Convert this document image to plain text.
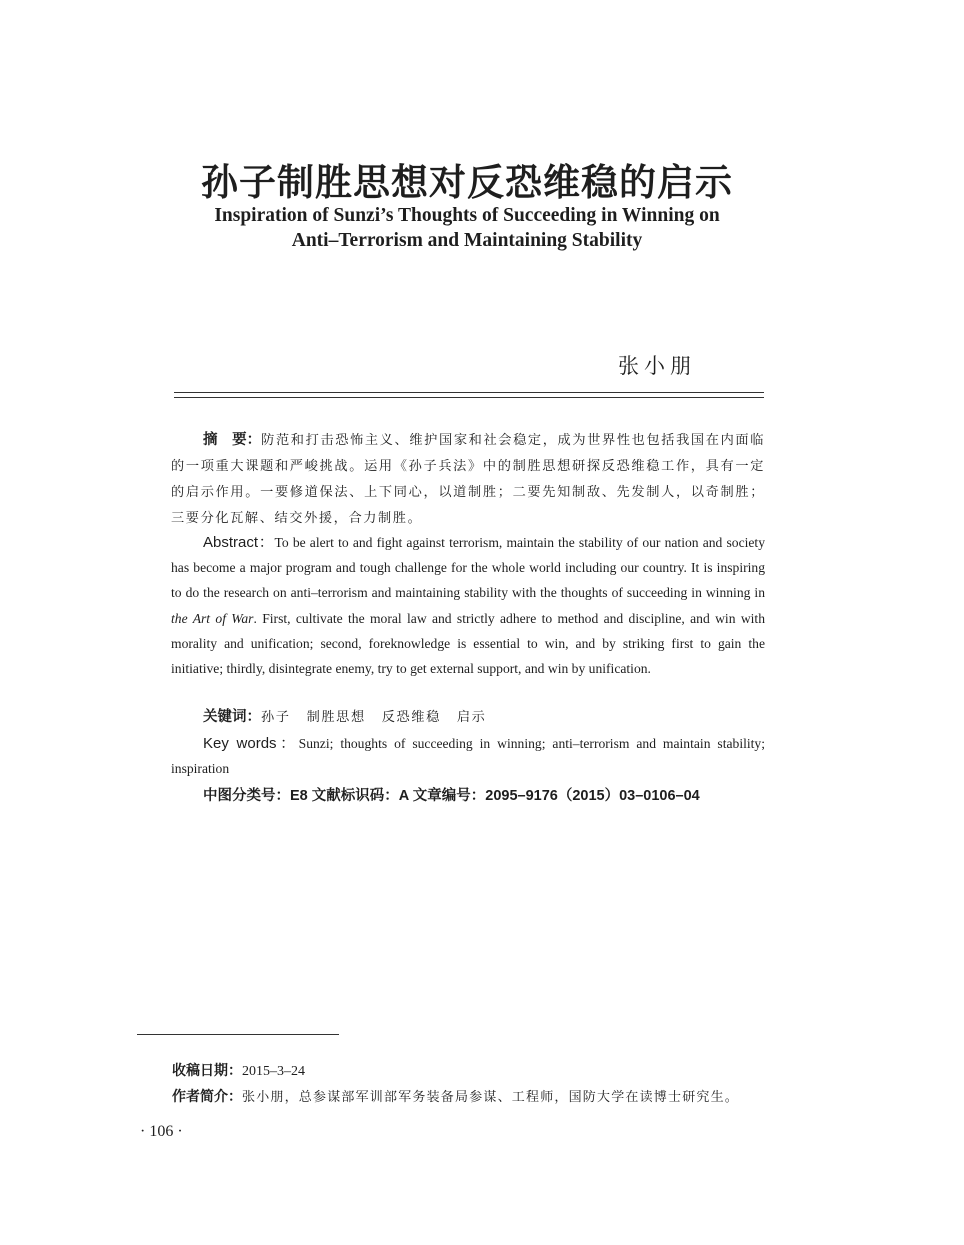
孙子制胜思想对反恐维稳的启示
Inspiration of Sunzi’s Thoughts of Succeeding in Winning on
Anti–Terrorism and Maintaining Stability
张小朋
摘　要：防范和打击恐怖主义、维护国家和社会稳定，成为世界性也包括我国在内面临的一项重大课题和严峻挑战。运用《孙子兵法》中的制胜思想研探反恐维稳工作，具有一定的启示作用。一要修道保法、上下同心，以道制胜；二要先知制敌、先发制人，以奇制胜；三要分化瓦解、结交外援，合力制胜。
Abstract：To be alert to and fight against terrorism, maintain the stability of our nation and society has become a major program and tough challenge for the whole world including our country. It is inspiring to do the research on anti–terrorism and maintaining stability with the thoughts of succeeding in winning in the Art of War. First, cultivate the moral law and strictly adhere to method and discipline, and win with morality and unification; second, foreknowledge is essential to win, and by striking first to gain the initiative; thirdly, disintegrate enemy, try to get external support, and win by unification.
关键词：孙子 制胜思想 反恐维稳 启示
Key words：Sunzi; thoughts of succeeding in winning; anti–terrorism and maintain stability; inspiration
中图分类号：E8 文献标识码：A 文章编号：2095–9176（2015）03–0106–04
收稿日期：2015–3–24
作者简介：张小朋，总参谋部军训部军务装备局参谋、工程师，国防大学在读博士研究生。
· 106 ·
